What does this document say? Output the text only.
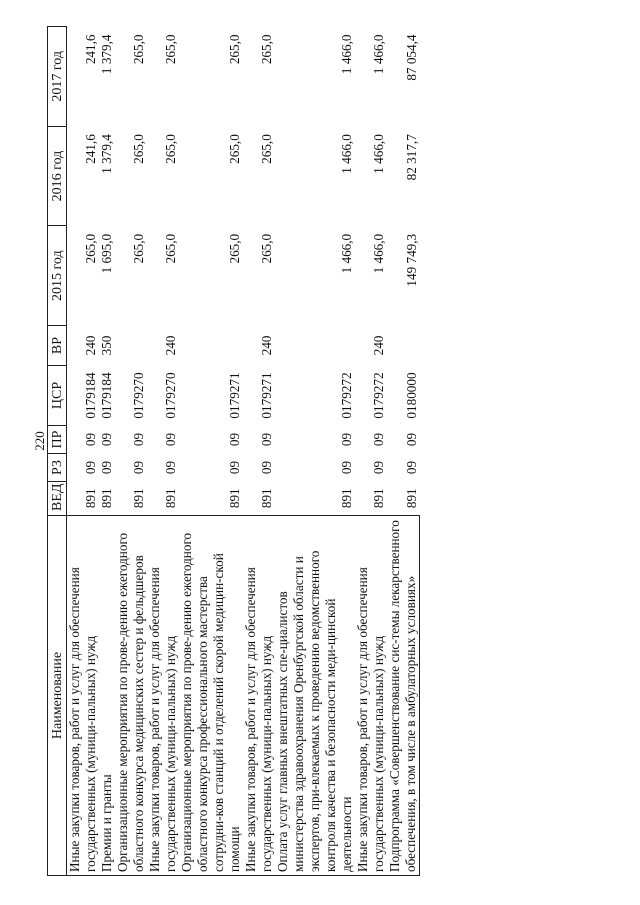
220
Наименование	ВЕД	РЗ	ПР	ЦСР	ВР	2015 год	2016 год	2017 год
Иные закупки товаров, работ и услуг для обеспечения государственных (муници-пальных) нужд	891	09	09	0179184	240	265,0	241,6	241,6
Премии и гранты	891	09	09	0179184	350	1 695,0	1 379,4	1 379,4
Организационные мероприятия по прове-дению ежегодного областного конкурса медицинских сестер и фельдшеров	891	09	09	0179270		265,0	265,0	265,0
Иные закупки товаров, работ и услуг для обеспечения государственных (муници-пальных) нужд	891	09	09	0179270	240	265,0	265,0	265,0
Организационные мероприятия по прове-дению ежегодного областного конкурса профессионального мастерства сотрудни-ков станций и отделений скорой медицин-ской помощи	891	09	09	0179271		265,0	265,0	265,0
Иные закупки товаров, работ и услуг для обеспечения государственных (муници-пальных) нужд	891	09	09	0179271	240	265,0	265,0	265,0
Оплата услуг главных внештатных спе-циалистов министерства здравоохранения Оренбургской области и экспертов, при-влекаемых к проведению ведомственного контроля качества и безопасности меди-цинской деятельности	891	09	09	0179272		1 466,0	1 466,0	1 466,0
Иные закупки товаров, работ и услуг для обеспечения государственных (муници-пальных) нужд	891	09	09	0179272	240	1 466,0	1 466,0	1 466,0
Подпрограмма «Совершенствование сис-темы лекарственного обеспечения, в том числе в амбулаторных условиях»	891	09	09	0180000		149 749,3	82 317,7	87 054,4
